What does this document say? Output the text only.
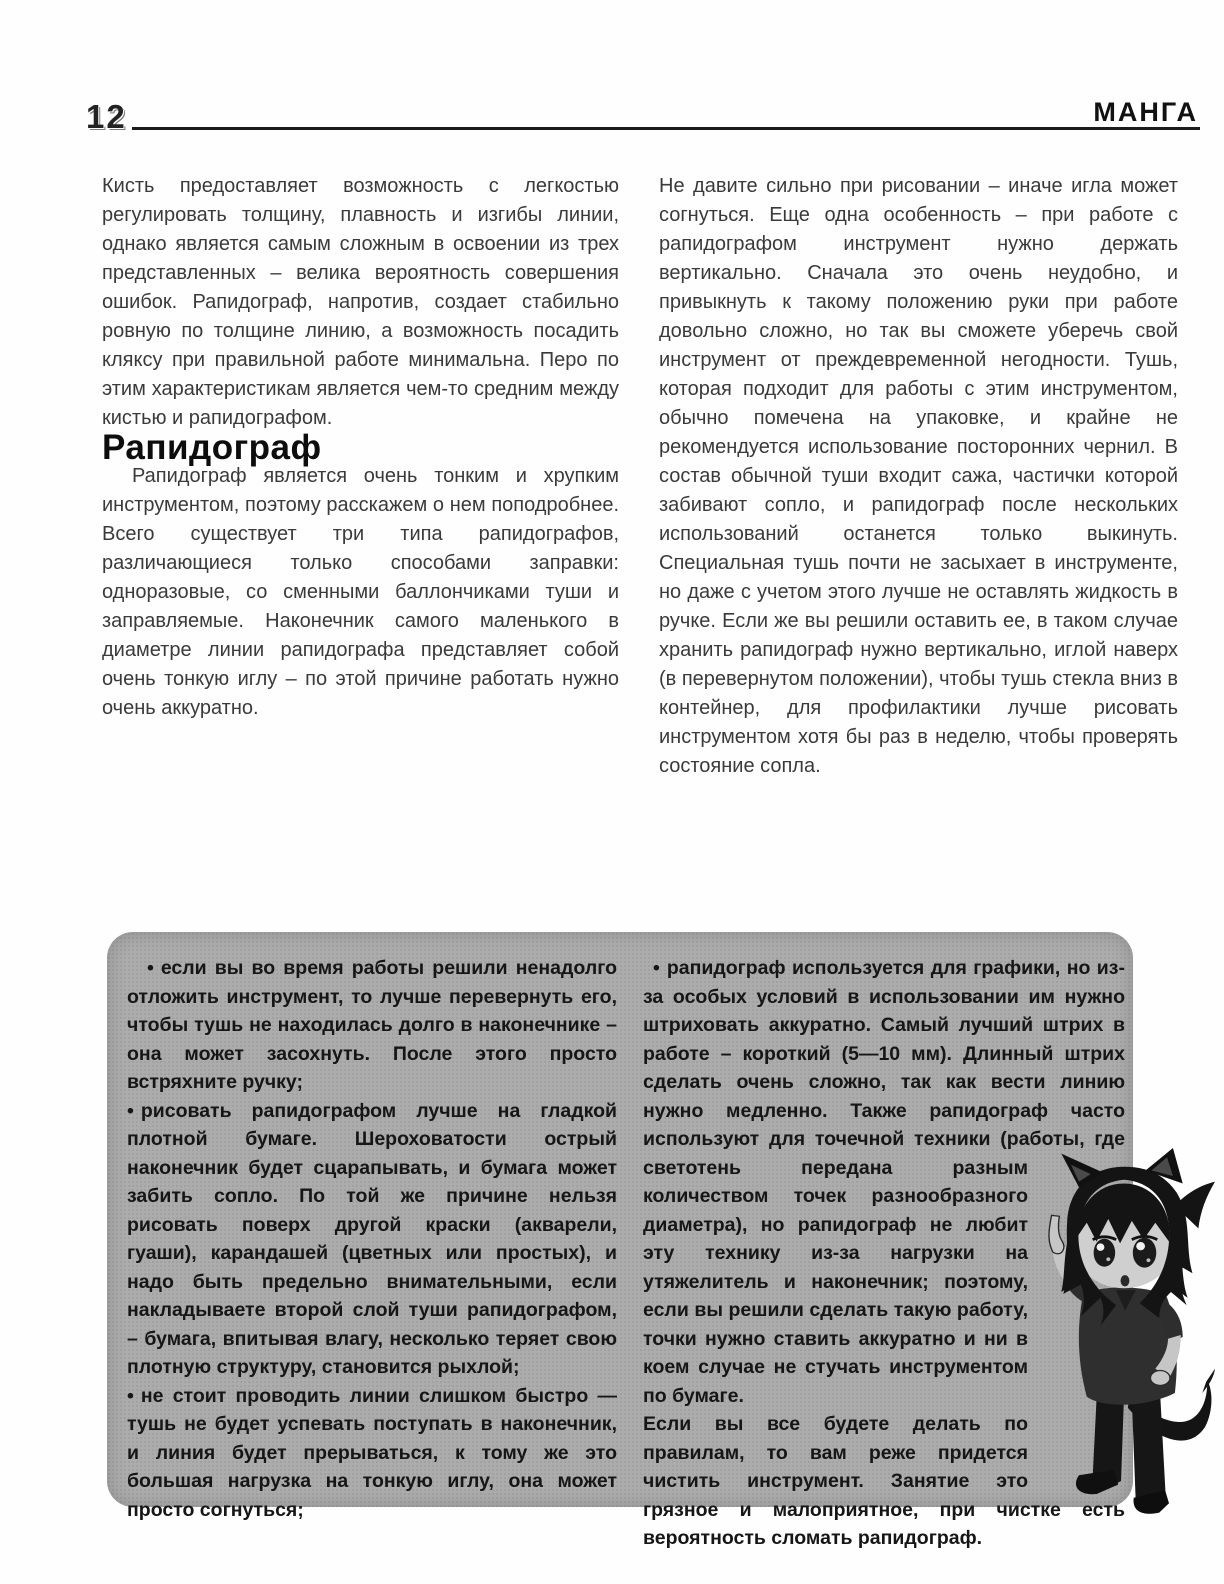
12	МАНГА

Кисть предоставляет возможность с легкостью регулировать толщину, плавность и изгибы линии, однако является самым сложным в освоении из трех представленных – велика вероятность совершения ошибок. Рапидограф, напротив, создает стабильно ровную по толщине линию, а возможность посадить кляксу при правильной работе минимальна. Перо по этим характеристикам является чем-то средним между кистью и рапидографом.

Рапидограф

Рапидограф является очень тонким и хрупким инструментом, поэтому расскажем о нем поподробнее. Всего существует три типа рапидографов, различающиеся только способами заправки: одноразовые, со сменными баллончиками туши и заправляемые. Наконечник самого маленького в диаметре линии рапидографа представляет собой очень тонкую иглу – по этой причине работать нужно очень аккуратно.

Не давите сильно при рисовании – иначе игла может согнуться. Еще одна особенность – при работе с рапидографом инструмент нужно держать вертикально. Сначала это очень неудобно, и привыкнуть к такому положению руки при работе довольно сложно, но так вы сможете уберечь свой инструмент от преждевременной негодности. Тушь, которая подходит для работы с этим инструментом, обычно помечена на упаковке, и крайне не рекомендуется использование посторонних чернил. В состав обычной туши входит сажа, частички которой забивают сопло, и рапидограф после нескольких использований останется только выкинуть. Специальная тушь почти не засыхает в инструменте, но даже с учетом этого лучше не оставлять жидкость в ручке. Если же вы решили оставить ее, в таком случае хранить рапидограф нужно вертикально, иглой наверх (в перевернутом положении), чтобы тушь стекла вниз в контейнер, для профилактики лучше рисовать инструментом хотя бы раз в неделю, чтобы проверять состояние сопла.

• если вы во время работы решили ненадолго отложить инструмент, то лучше перевернуть его, чтобы тушь не находилась долго в наконечнике – она может засохнуть. После этого просто встряхните ручку;

• рисовать рапидографом лучше на гладкой плотной бумаге. Шероховатости острый наконечник будет сцарапывать, и бумага может забить сопло. По той же причине нельзя рисовать поверх другой краски (акварели, гуаши), карандашей (цветных или простых), и надо быть предельно внимательными, если накладываете второй слой туши рапидографом, – бумага, впитывая влагу, несколько теряет свою плотную структуру, становится рыхлой;

• не стоит проводить линии слишком быстро — тушь не будет успевать поступать в наконечник, и линия будет прерываться, к тому же это большая нагрузка на тонкую иглу, она может просто согнуться;

• рапидограф используется для графики, но из-за особых условий в использовании им нужно штриховать аккуратно. Самый лучший штрих в работе – короткий (5—10 мм). Длинный штрих сделать очень сложно, так как вести линию нужно медленно. Также рапидограф часто используют для точечной техники (работы, где светотень передана разным количеством точек разнообразного диаметра), но рапидограф не любит эту технику из-за нагрузки на утяжелитель и наконечник; поэтому, если вы решили сделать такую работу, точки нужно ставить аккуратно и ни в коем случае не стучать инструментом по бумаге.

Если вы все будете делать по правилам, то вам реже придется чистить инструмент. Занятие это грязное и малоприятное, при чистке есть вероятность сломать рапидограф.
